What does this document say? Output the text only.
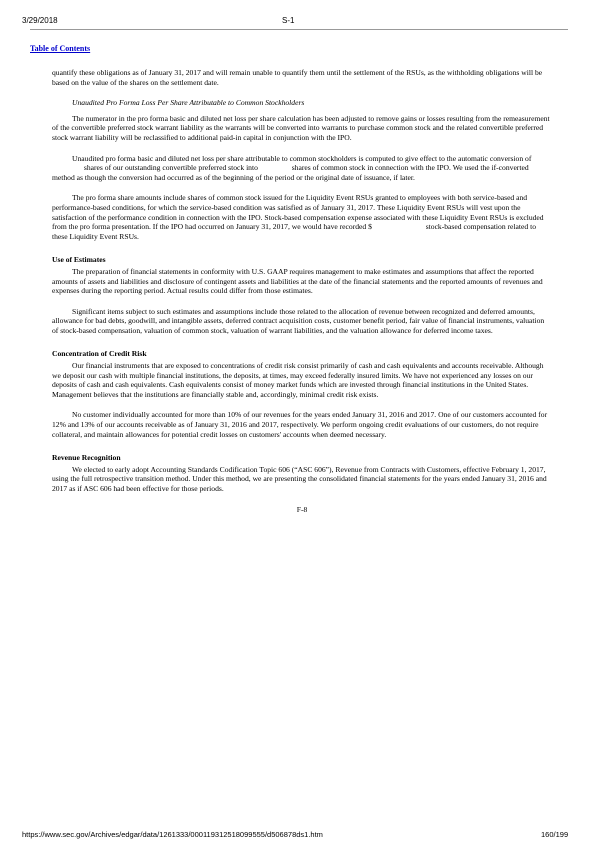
3/29/2018	S-1
Table of Contents

quantify these obligations as of January 31, 2017 and will remain unable to quantify them until the settlement of the RSUs, as the withholding obligations will be based on the value of the shares on the settlement date.

Unaudited Pro Forma Loss Per Share Attributable to Common Stockholders

The numerator in the pro forma basic and diluted net loss per share calculation has been adjusted to remove gains or losses resulting from the remeasurement of the convertible preferred stock warrant liability as the warrants will be converted into warrants to purchase common stock and the related convertible preferred stock warrant liability will be reclassified to additional paid-in capital in conjunction with the IPO.

Unaudited pro forma basic and diluted net loss per share attributable to common stockholders is computed to give effect to the automatic conversion of  shares of our outstanding convertible preferred stock into	shares of common stock in connection with the IPO. We used the if-converted method as though the conversion had occurred as of the beginning of the period or the original date of issuance, if later.

The pro forma share amounts include shares of common stock issued for the Liquidity Event RSUs granted to employees with both service-based and performance-based conditions, for which the service-based condition was satisfied as of January 31, 2017. These Liquidity Event RSUs will vest upon the satisfaction of the performance condition in connection with the IPO. Stock-based compensation expense associated with these Liquidity Event RSUs is excluded from the pro forma presentation. If the IPO had occurred on January 31, 2017, we would have recorded $	stock-based compensation related to these Liquidity Event RSUs.

Use of Estimates

The preparation of financial statements in conformity with U.S. GAAP requires management to make estimates and assumptions that affect the reported amounts of assets and liabilities and disclosure of contingent assets and liabilities at the date of the financial statements and the reported amounts of revenues and expenses during the reporting period. Actual results could differ from those estimates.

Significant items subject to such estimates and assumptions include those related to the allocation of revenue between recognized and deferred amounts, allowance for bad debts, goodwill, and intangible assets, deferred contract acquisition costs, customer benefit period, fair value of financial instruments, valuation of stock-based compensation, valuation of common stock, valuation of warrant liabilities, and the valuation allowance for deferred income taxes.

Concentration of Credit Risk

Our financial instruments that are exposed to concentrations of credit risk consist primarily of cash and cash equivalents and accounts receivable. Although we deposit our cash with multiple financial institutions, the deposits, at times, may exceed federally insured limits. We have not experienced any losses on our deposits of cash and cash equivalents. Cash equivalents consist of money market funds which are invested through financial institutions in the United States. Management believes that the institutions are financially stable and, accordingly, minimal credit risk exists.

No customer individually accounted for more than 10% of our revenues for the years ended January 31, 2016 and 2017. One of our customers accounted for 12% and 13% of our accounts receivable as of January 31, 2016 and 2017, respectively. We perform ongoing credit evaluations of our customers, do not require collateral, and maintain allowances for potential credit losses on customers' accounts when deemed necessary.

Revenue Recognition

We elected to early adopt Accounting Standards Codification Topic 606 (“ASC 606”), Revenue from Contracts with Customers, effective February 1, 2017, using the full retrospective transition method. Under this method, we are presenting the consolidated financial statements for the years ended January 31, 2016 and 2017 as if ASC 606 had been effective for those periods.

F-8
https://www.sec.gov/Archives/edgar/data/1261333/000119312518099555/d506878ds1.htm	160/199
